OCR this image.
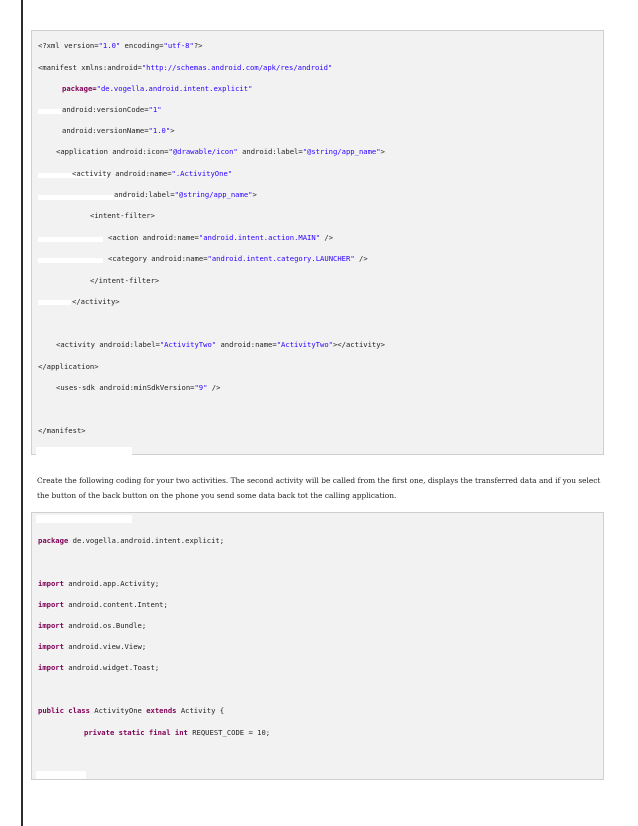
<?xml version="1.0" encoding="utf-8"?>
<manifest xmlns:android="http://schemas.android.com/apk/res/android"
package="de.vogella.android.intent.explicit"
android:versionCode="1"
android:versionName="1.0">
<application android:icon="@drawable/icon" android:label="@string/app_name">
<activity android:name=".ActivityOne"
android:label="@string/app_name">
<intent-filter>
<action android:name="android.intent.action.MAIN" />
<category android:name="android.intent.category.LAUNCHER" />
</intent-filter>
</activity>
<activity android:label="ActivityTwo" android:name="ActivityTwo"></activity>
</application>
<uses-sdk android:minSdkVersion="9" />
</manifest>
Create the following coding for your two activities. The second activity will be called from the first one, displays the transferred data and if you select the button of the back button on the phone you send some data back tot the calling application.
package de.vogella.android.intent.explicit;
import android.app.Activity;
import android.content.Intent;
import android.os.Bundle;
import android.view.View;
import android.widget.Toast;
public class ActivityOne extends Activity {
private static final int REQUEST_CODE = 10;
